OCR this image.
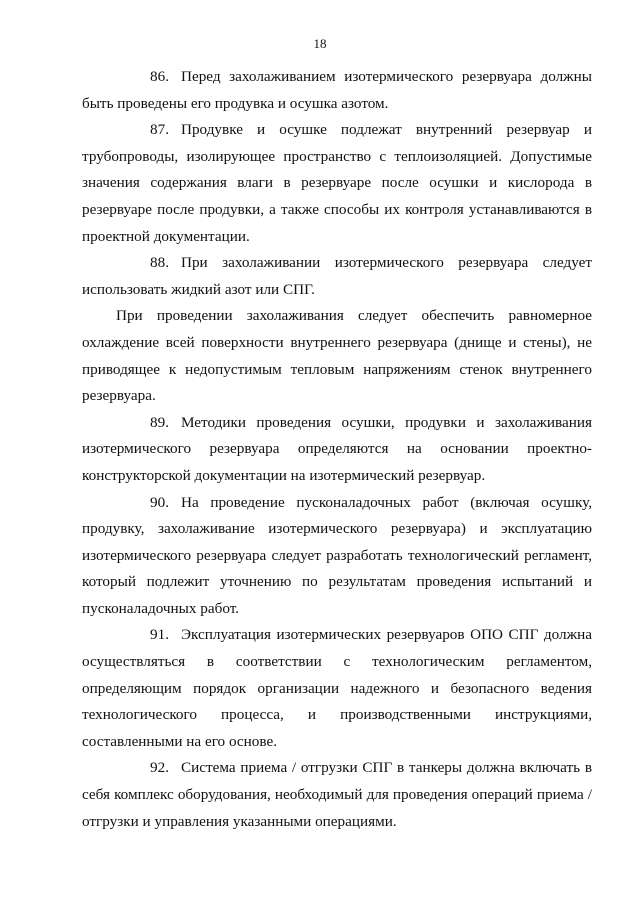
18

86. Перед захолаживанием изотермического резервуара должны быть проведены его продувка и осушка азотом.

87. Продувке и осушке подлежат внутренний резервуар и трубопроводы, изолирующее пространство с теплоизоляцией. Допустимые значения содержания влаги в резервуаре после осушки и кислорода в резервуаре после продувки, а также способы их контроля устанавливаются в проектной документации.

88. При захолаживании изотермического резервуара следует использовать жидкий азот или СПГ.

При проведении захолаживания следует обеспечить равномерное охлаждение всей поверхности внутреннего резервуара (днище и стены), не приводящее к недопустимым тепловым напряжениям стенок внутреннего резервуара.

89. Методики проведения осушки, продувки и захолаживания изотермического резервуара определяются на основании проектно-конструкторской документации на изотермический резервуар.

90. На проведение пусконаладочных работ (включая осушку, продувку, захолаживание изотермического резервуара) и эксплуатацию изотермического резервуара следует разработать технологический регламент, который подлежит уточнению по результатам проведения испытаний и пусконаладочных работ.

91. Эксплуатация изотермических резервуаров ОПО СПГ должна осуществляться в соответствии с технологическим регламентом, определяющим порядок организации надежного и безопасного ведения технологического процесса, и производственными инструкциями, составленными на его основе.

92. Система приема / отгрузки СПГ в танкеры должна включать в себя комплекс оборудования, необходимый для проведения операций приема / отгрузки и управления указанными операциями.
